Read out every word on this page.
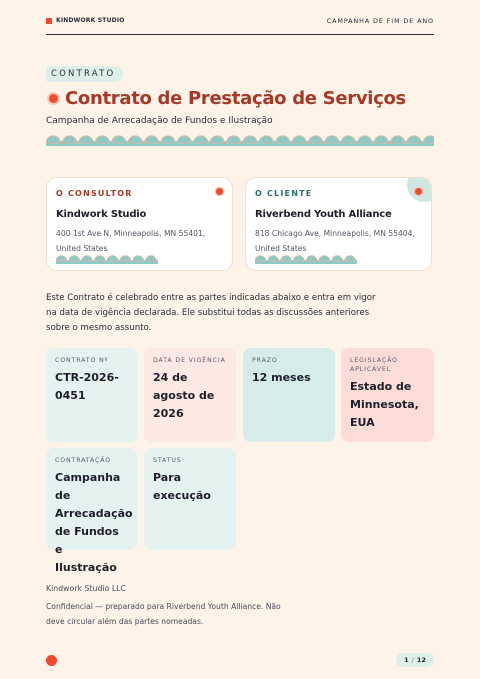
KINDWORK STUDIO	CAMPANHA DE FIM DE ANO
CONTRATO
Contrato de Prestação de Serviços
Campanha de Arrecadação de Fundos e Ilustração
O CONSULTOR
Kindwork Studio
400 1st Ave N, Minneapolis, MN 55401, United States
O CLIENTE
Riverbend Youth Alliance
818 Chicago Ave, Minneapolis, MN 55404, United States

Este Contrato é celebrado entre as partes indicadas abaixo e entra em vigor na data de vigência declarada. Ele substitui todas as discussões anteriores sobre o mesmo assunto.

CONTRATO Nº
CTR-2026-0451
DATA DE VIGÊNCIA
24 de agosto de 2026
PRAZO
12 meses
LEGISLAÇÃO APLICÁVEL
Estado de Minnesota, EUA
CONTRATAÇÃO
Campanha de Arrecadação de Fundos e Ilustração
STATUS
Para execução
Kindwork Studio LLC
Confidencial — preparado para Riverbend Youth Alliance. Não deve circular além das partes nomeadas.
1 / 12
